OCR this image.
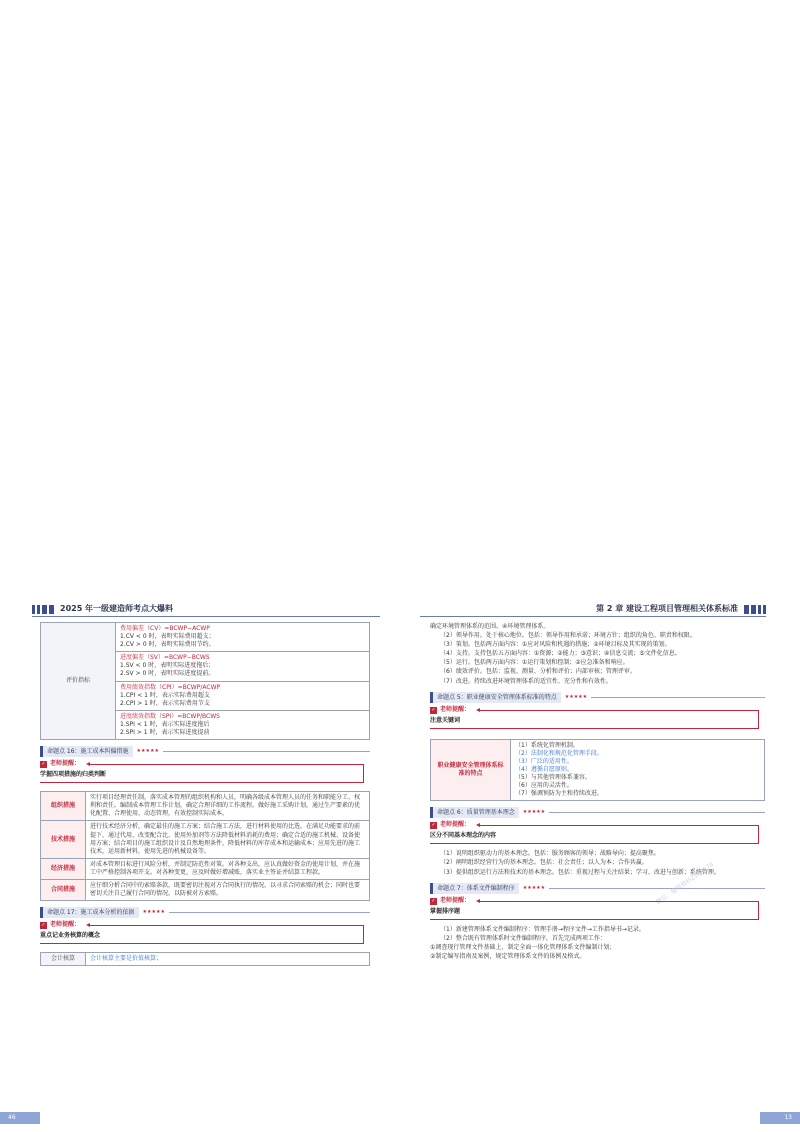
2025 年一级建造师考点大爆料
评价指标	
费用偏差（CV）=BCWP−ACWP
1.CV < 0 时，表明实际费用超支；
2.CV > 0 时，表明实际费用节约。

进度偏差（SV）=BCWP−BCWS
1.SV < 0 时，表明实际进度拖后；
2.SV > 0 时，表明实际进度提前。

费用绩效指数（CPI）=BCWP/ACWP
1.CPI < 1 时，表示实际费用超支
2.CPI > 1 时，表示实际费用节支

进度绩效指数（SPI）=BCWP/BCWS
1.SPI < 1 时，表示实际进度拖后
2.SPI > 1 时，表示实际进度提前
命题点 16：施工成本纠偏措施	★★★★★
✓ 老师提醒：
学握四项措施的归类判断
组织措施	实行项目经理责任制，落实成本管理的组织机构和人员，明确各级成本管理人员的任务和职能分工、权利和责任。编制成本管理工作计划，确定合理详细的工作流程。做好施工采购计划，通过生产要素的优化配置、合理使用、动态管理，有效控制实际成本。
技术措施	进行技术经济分析，确定最佳的施工方案；结合施工方法，进行材料使用的比选，在满足功能要求的前提下，通过代用、改变配合比、使用外加剂等方法降低材料消耗的费用；确定合适的施工机械、设备使用方案；结合项目的施工组织设计及自然地理条件，降低材料的库存成本和运输成本；应用先进的施工技术，运用新材料，使用先进的机械设备等。
经济措施	对成本管理目标进行风险分析，并制定防范性对策。对各种支出，应认真做好资金的使用计划，并在施工中严格控制各项开支。对各种变更，应及时做好增减账，落实业主签证并结算工程款。
合同措施	应仔细分析合同中的索赔条款，既要密切注视对方合同执行的情况，以寻求合同索赔的机会；同时也要密切关注自己履行合同的情况，以防被对方索赔。
命题点 17：施工成本分析的依据	★★★★★
✓ 老师提醒：
重点记业务核算的概念
会计核算	会计核算主要是价值核算；
46
第 2 章 建设工程项目管理相关体系标准

确定环境管理体系的范围。④环境管理体系。

（2）领导作用。处于核心地位。包括：领导作用和承诺；环境方针；组织的角色、职责和权限。

（3）策划。包括两方面内容：①应对风险和机遇的措施；②环境目标及其实现的策划。

（4）支持。支持包括五方面内容：①资源；②能力；③意识；④信息交流；⑤文件化信息。

（5）运行。包括两方面内容：①运行策划和控制；②应急准备和响应。

（6）绩效评价。包括：监视、测量、分析和评价；内部审核；管理评审。

（7）改进。持续改进环境管理体系的适宜性、充分性和有效性。

命题点 5：职业健康安全管理体系标准的特点	★★★★★
✓ 老师提醒：
注意关键词
职业健康安全管理体系标准的特点	
（1）系统化管理机制。
（2）法制化和规范化管理手段。
（3）广泛的适用性。
（4）遵循自愿原则。
（5）与其他管理体系兼容。
（6）应用的灵活性。
（7）强调预防为主和持续改进。
微信：建筑资料2560176
命题点 6：质量管理基本理念	★★★★★
✓ 老师提醒：
区分不同基本理念的内容

（1）说明组织驱动力的基本理念。包括：服务顾客的领导；战略导向；提高聚焦。

（2）阐明组织经营行为的基本理念。包括：社会责任；以人为本；合作共赢。

（3）提供组织运行方法和技术的基本理念。包括：重视过程与关注结果；学习、改进与创新；系统管理。

命题点 7：体系文件编制程序	★★★★★
✓ 老师提醒：
掌握排序题

（1）新建管理体系文件编制程序：管理手册→程序文件→工作指导书→记录。

（2）整合既有管理体系时文件编制程序，首先完成两项工作：

①调查现行管理文件基础上，制定全面一体化管理体系文件编制计划；

②制定编写指南及案例，规定管理体系文件的体例及格式。

13
